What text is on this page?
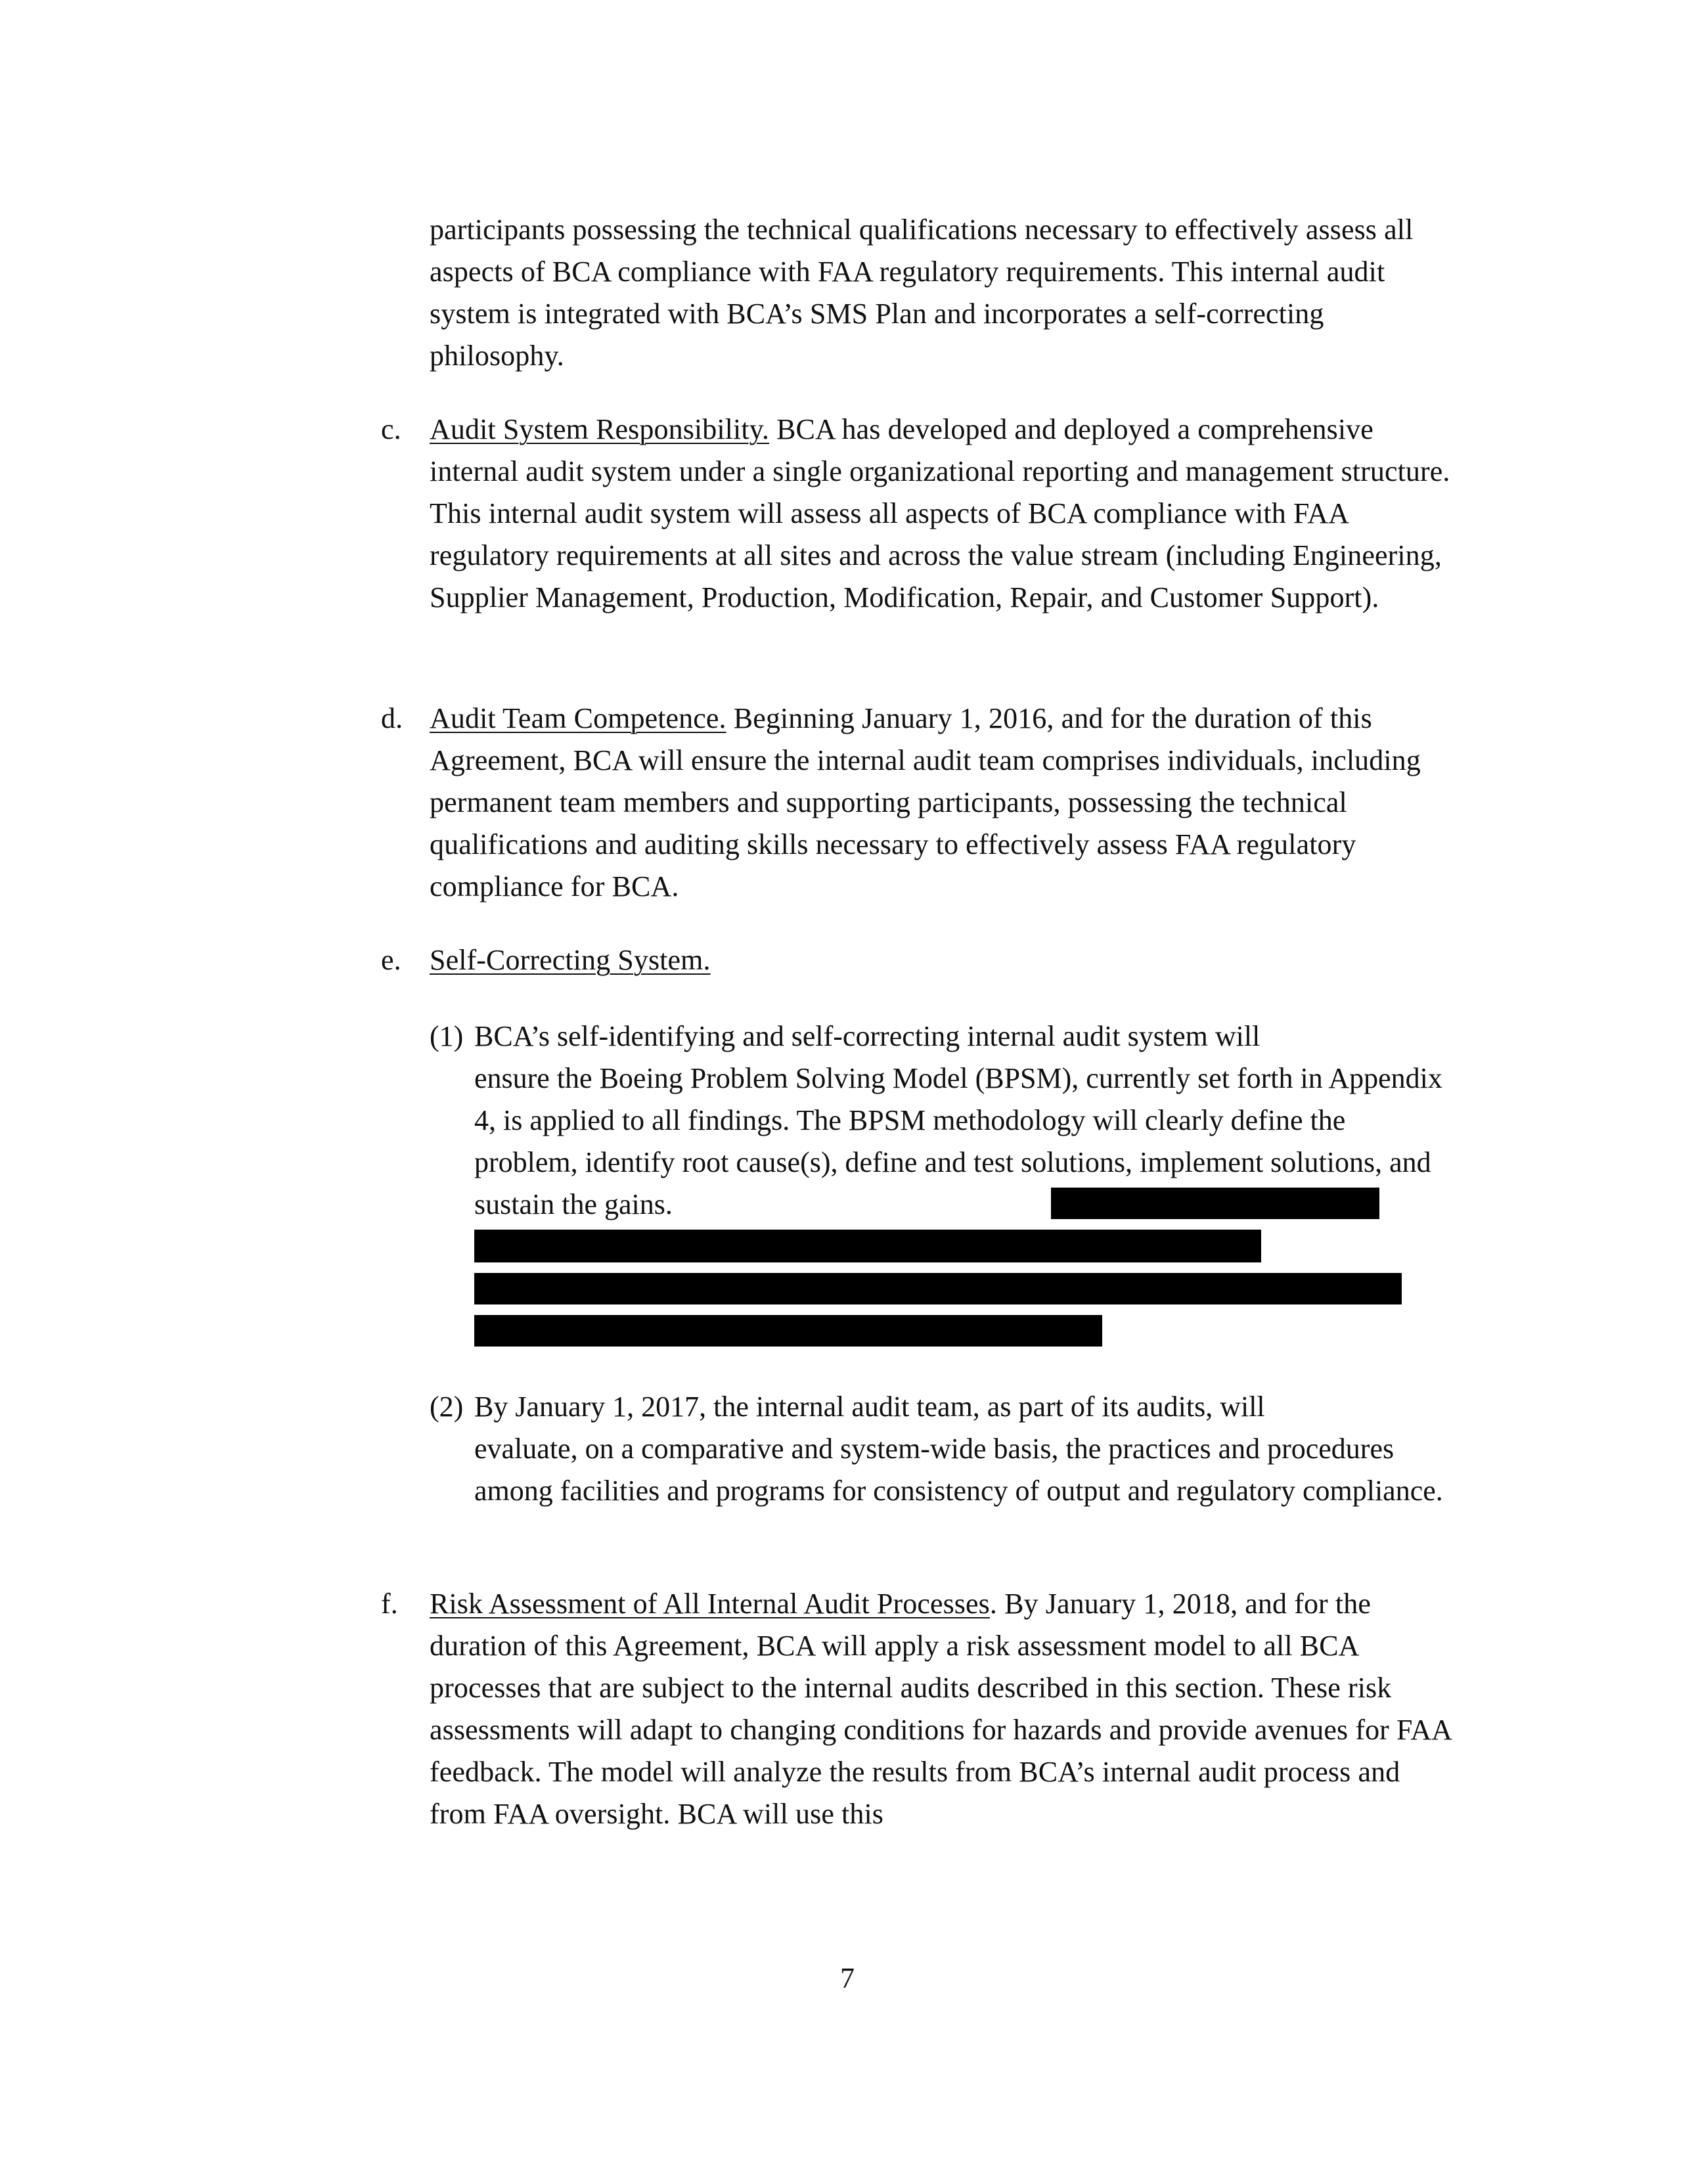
participants possessing the technical qualifications necessary to effectively assess all aspects of BCA compliance with FAA regulatory requirements. This internal audit system is integrated with BCA’s SMS Plan and incorporates a self-correcting philosophy.

c. Audit System Responsibility. BCA has developed and deployed a comprehensive internal audit system under a single organizational reporting and management structure. This internal audit system will assess all aspects of BCA compliance with FAA regulatory requirements at all sites and across the value stream (including Engineering, Supplier Management, Production, Modification, Repair, and Customer Support).
d. Audit Team Competence. Beginning January 1, 2016, and for the duration of this Agreement, BCA will ensure the internal audit team comprises individuals, including permanent team members and supporting participants, possessing the technical qualifications and auditing skills necessary to effectively assess FAA regulatory compliance for BCA.
e. Self-Correcting System.
(1) BCA’s self-identifying and self-correcting internal audit system will
ensure the Boeing Problem Solving Model (BPSM), currently set forth in Appendix 4, is applied to all findings. The BPSM methodology will clearly define the problem, identify root cause(s), define and test solutions, implement solutions, and sustain the gains.
(2) By January 1, 2017, the internal audit team, as part of its audits, will
evaluate, on a comparative and system-wide basis, the practices and procedures among facilities and programs for consistency of output and regulatory compliance.
f.	Risk Assessment of All Internal Audit Processes. By January 1, 2018, and for the duration of this Agreement, BCA will apply a risk assessment model to all BCA processes that are subject to the internal audits described in this section. These risk assessments will adapt to changing conditions for hazards and provide avenues for FAA feedback. The model will analyze the results from BCA’s internal audit process and from FAA oversight. BCA will use this
7
